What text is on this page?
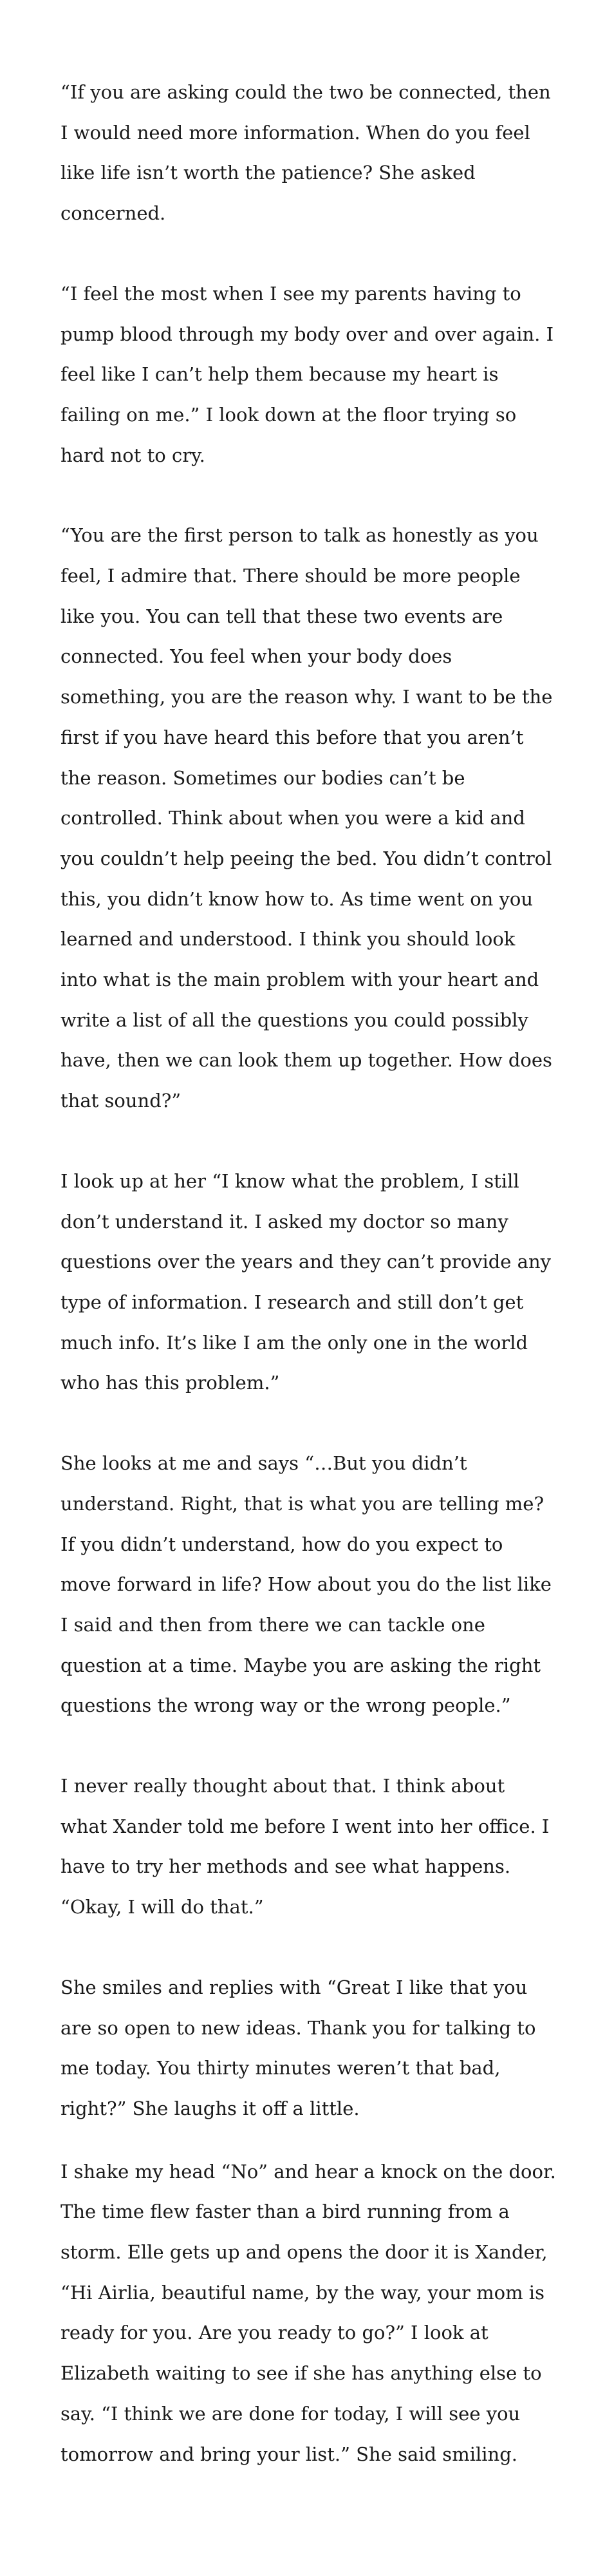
“If you are asking could the two be connected, then I would need more information. When do you feel like life isn’t worth the patience? She asked concerned.

“I feel the most when I see my parents having to pump blood through my body over and over again. I feel like I can’t help them because my heart is failing on me.” I look down at the floor trying so hard not to cry.

“You are the first person to talk as honestly as you feel, I admire that. There should be more people like you. You can tell that these two events are connected. You feel when your body does something, you are the reason why. I want to be the first if you have heard this before that you aren’t the reason. Sometimes our bodies can’t be controlled. Think about when you were a kid and you couldn’t help peeing the bed. You didn’t control this, you didn’t know how to. As time went on you learned and understood. I think you should look into what is the main problem with your heart and write a list of all the questions you could possibly have, then we can look them up together. How does that sound?”

I look up at her “I know what the problem, I still don’t understand it. I asked my doctor so many questions over the years and they can’t provide any type of information. I research and still don’t get much info. It’s like I am the only one in the world who has this problem.”

She looks at me and says “…But you didn’t understand. Right, that is what you are telling me? If you didn’t understand, how do you expect to move forward in life? How about you do the list like I said and then from there we can tackle one question at a time. Maybe you are asking the right questions the wrong way or the wrong people.”

I never really thought about that. I think about what Xander told me before I went into her office. I have to try her methods and see what happens. “Okay, I will do that.”

She smiles and replies with “Great I like that you are so open to new ideas. Thank you for talking to me today. You thirty minutes weren’t that bad, right?” She laughs it off a little.

I shake my head “No” and hear a knock on the door. The time flew faster than a bird running from a storm. Elle gets up and opens the door it is Xander, “Hi Airlia, beautiful name, by the way, your mom is ready for you. Are you ready to go?” I look at Elizabeth waiting to see if she has anything else to say. “I think we are done for today, I will see you tomorrow and bring your list.” She said smiling.
